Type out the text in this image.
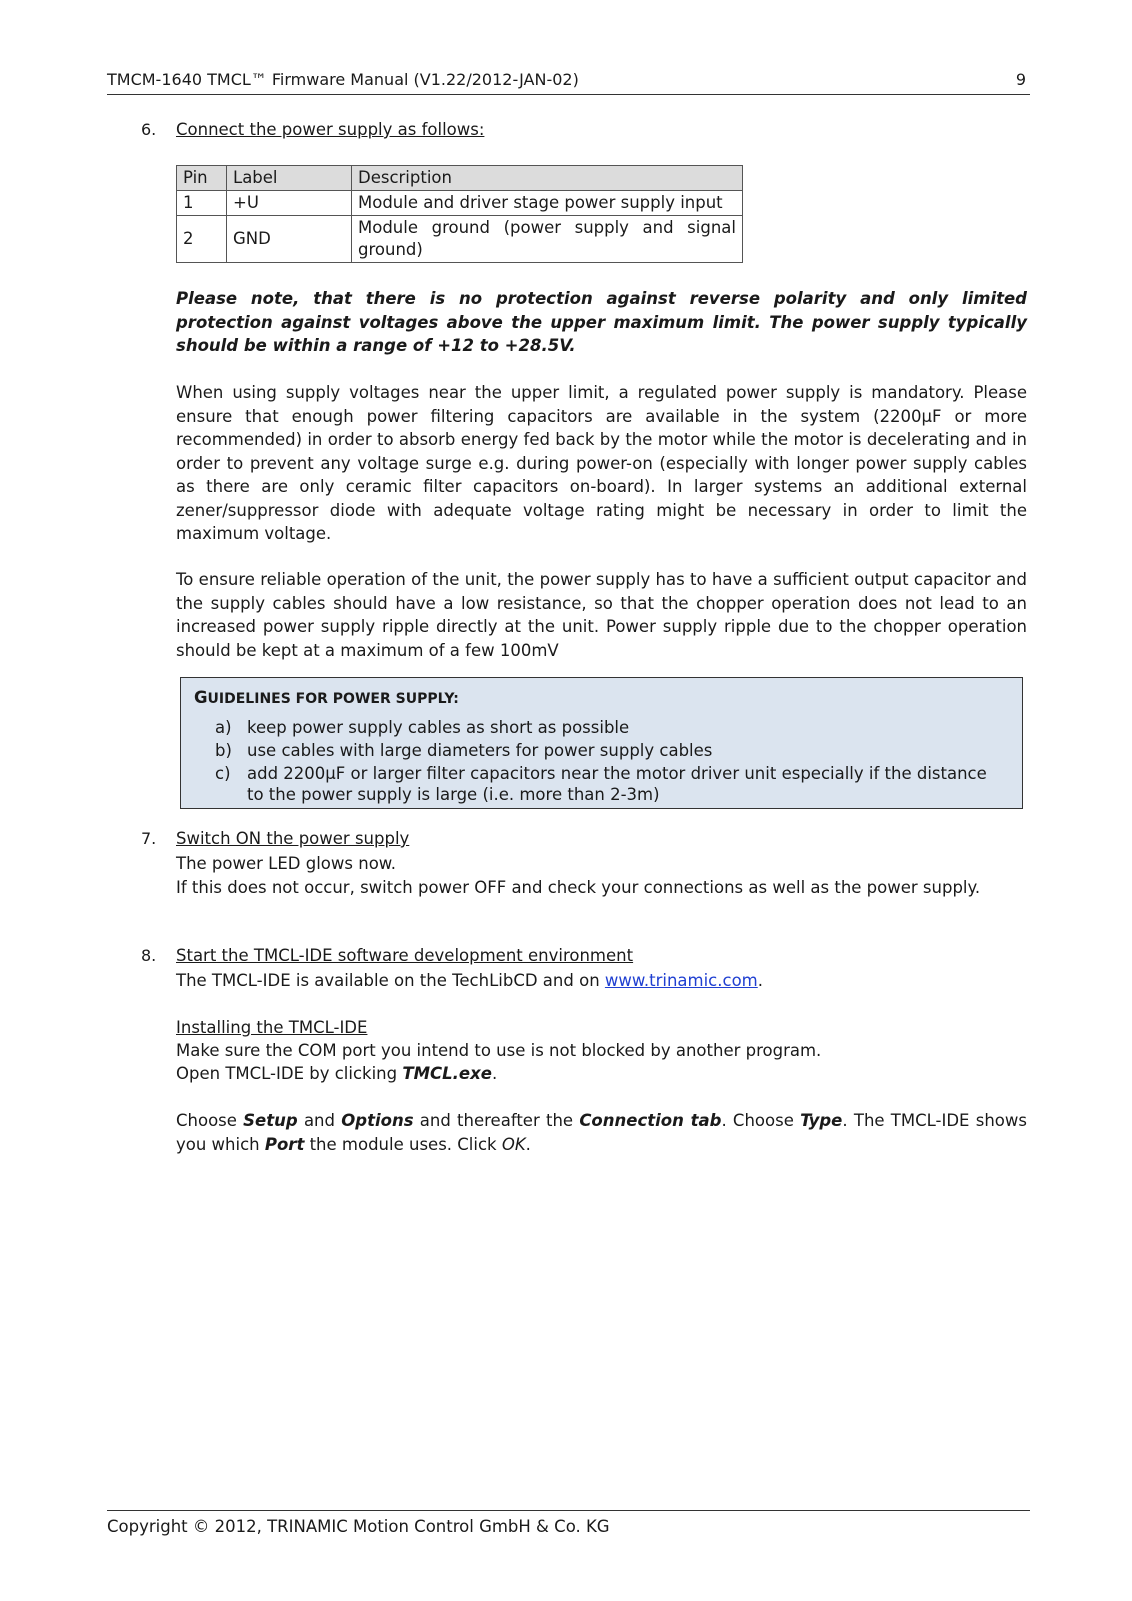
TMCM-1640 TMCL™ Firmware Manual (V1.22/2012-JAN-02)	9
6. Connect the power supply as follows:
Pin	Label	Description
1	+U	Module and driver stage power supply input
2	GND	Module ground (power supply and signal ground)
Please note, that there is no protection against reverse polarity and only limited protection against voltages above the upper maximum limit. The power supply typically should be within a range of +12 to +28.5V.
When using supply voltages near the upper limit, a regulated power supply is mandatory. Please ensure that enough power filtering capacitors are available in the system (2200µF or more recommended) in order to absorb energy fed back by the motor while the motor is decelerating and in order to prevent any voltage surge e.g. during power-on (especially with longer power supply cables as there are only ceramic filter capacitors on-board). In larger systems an additional external zener/suppressor diode with adequate voltage rating might be necessary in order to limit the maximum voltage.
To ensure reliable operation of the unit, the power supply has to have a sufficient output capacitor and the supply cables should have a low resistance, so that the chopper operation does not lead to an increased power supply ripple directly at the unit. Power supply ripple due to the chopper operation should be kept at a maximum of a few 100mV
GUIDELINES FOR POWER SUPPLY:
a) keep power supply cables as short as possible
b) use cables with large diameters for power supply cables
c) add 2200µF or larger filter capacitors near the motor driver unit especially if the distance to the power supply is large (i.e. more than 2-3m)
7. Switch ON the power supply
The power LED glows now.
If this does not occur, switch power OFF and check your connections as well as the power supply.
8. Start the TMCL-IDE software development environment
The TMCL-IDE is available on the TechLibCD and on www.trinamic.com.
Installing the TMCL-IDE
Make sure the COM port you intend to use is not blocked by another program.
Open TMCL-IDE by clicking TMCL.exe.
Choose Setup and Options and thereafter the Connection tab. Choose Type. The TMCL-IDE shows you which Port the module uses. Click OK.
Copyright © 2012, TRINAMIC Motion Control GmbH & Co. KG
